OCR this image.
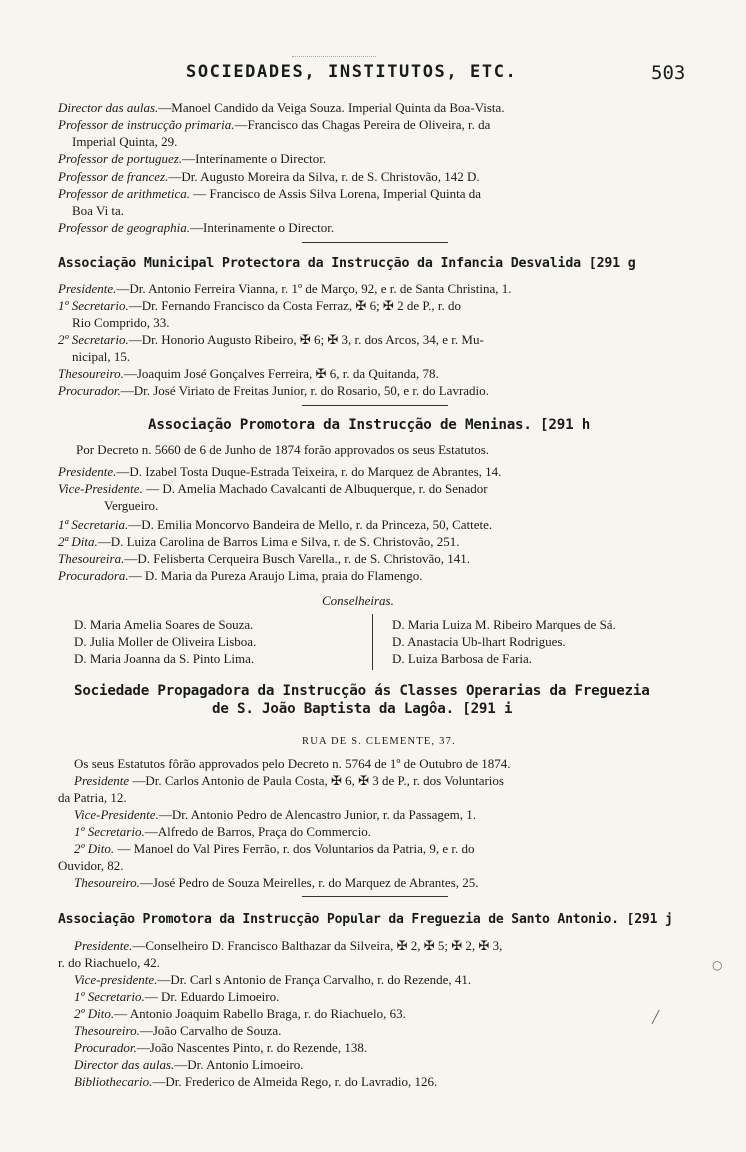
SOCIEDADES, INSTITUTOS, ETC.	503
Director das aulas.—Manoel Candido da Veiga Souza. Imperial Quinta da Boa-Vista.
Professor de instrucção primaria.—Francisco das Chagas Pereira de Oliveira, r. da
Imperial Quinta, 29.
Professor de portuguez.—Interinamente o Director.
Professor de francez.—Dr. Augusto Moreira da Silva, r. de S. Christovão, 142 D.
Professor de arithmetica. — Francisco de Assis Silva Lorena, Imperial Quinta da
Boa Vi ta.
Professor de geographia.—Interinamente o Director.
Associação Municipal Protectora da Instrucção da Infancia Desvalida [291 g
Presidente.—Dr. Antonio Ferreira Vianna, r. 1º de Março, 92, e r. de Santa Christina, 1.
1º Secretario.—Dr. Fernando Francisco da Costa Ferraz, ✠ 6; ✠ 2 de P., r. do
Rio Comprido, 33.
2º Secretario.—Dr. Honorio Augusto Ribeiro, ✠ 6; ✠ 3, r. dos Arcos, 34, e r. Mu-
nicipal, 15.
Thesoureiro.—Joaquim José Gonçalves Ferreira, ✠ 6, r. da Quitanda, 78.
Procurador.—Dr. José Viriato de Freitas Junior, r. do Rosario, 50, e r. do Lavradio.
Associação Promotora da Instrucção de Meninas. [291 h
Por Decreto n. 5660 de 6 de Junho de 1874 forão approvados os seus Estatutos.
Presidente.—D. Izabel Tosta Duque-Estrada Teixeira, r. do Marquez de Abrantes, 14.
Vice-Presidente. — D. Amelia Machado Cavalcanti de Albuquerque, r. do Senador
Vergueiro.
1ª Secretaria.—D. Emilia Moncorvo Bandeira de Mello, r. da Princeza, 50, Cattete.
2ª Dita.—D. Luiza Carolina de Barros Lima e Silva, r. de S. Christovão, 251.
Thesoureira.—D. Felisberta Cerqueira Busch Varella., r. de S. Christovão, 141.
Procuradora.— D. Maria da Pureza Araujo Lima, praia do Flamengo.
Conselheiras.
D. Maria Amelia Soares de Souza.
D. Julia Moller de Oliveira Lisboa.
D. Maria Joanna da S. Pinto Lima.
D. Maria Luiza M. Ribeiro Marques de Sá.
D. Anastacia Ub-lhart Rodrigues.
D. Luiza Barbosa de Faria.
Sociedade Propagadora da Instrucção ás Classes Operarias da Freguezia
de S. João Baptista da Lagôa. [291 i
RUA DE S. CLEMENTE, 37.
Os seus Estatutos fôrão approvados pelo Decreto n. 5764 de 1º de Outubro de 1874.
Presidente —Dr. Carlos Antonio de Paula Costa, ✠ 6, ✠ 3 de P., r. dos Voluntarios
da Patria, 12.
Vice-Presidente.—Dr. Antonio Pedro de Alencastro Junior, r. da Passagem, 1.
1º Secretario.—Alfredo de Barros, Praça do Commercio.
2º Dito. — Manoel do Val Pires Ferrão, r. dos Voluntarios da Patria, 9, e r. do
Ouvidor, 82.
Thesoureiro.—José Pedro de Souza Meirelles, r. do Marquez de Abrantes, 25.
Associação Promotora da Instrucção Popular da Freguezia de Santo Antonio. [291 j
Presidente.—Conselheiro D. Francisco Balthazar da Silveira, ✠ 2, ✠ 5; ✠ 2, ✠ 3,
r. do Riachuelo, 42.
Vice-presidente.—Dr. Carl s Antonio de França Carvalho, r. do Rezende, 41.
1º Secretario.— Dr. Eduardo Limoeiro.
2º Dito.— Antonio Joaquim Rabello Braga, r. do Riachuelo, 63.
Thesoureiro.—João Carvalho de Souza.
Procurador.—João Nascentes Pinto, r. do Rezende, 138.
Director das aulas.—Dr. Antonio Limoeiro.
Bibliothecario.—Dr. Frederico de Almeida Rego, r. do Lavradio, 126.
○
╱
